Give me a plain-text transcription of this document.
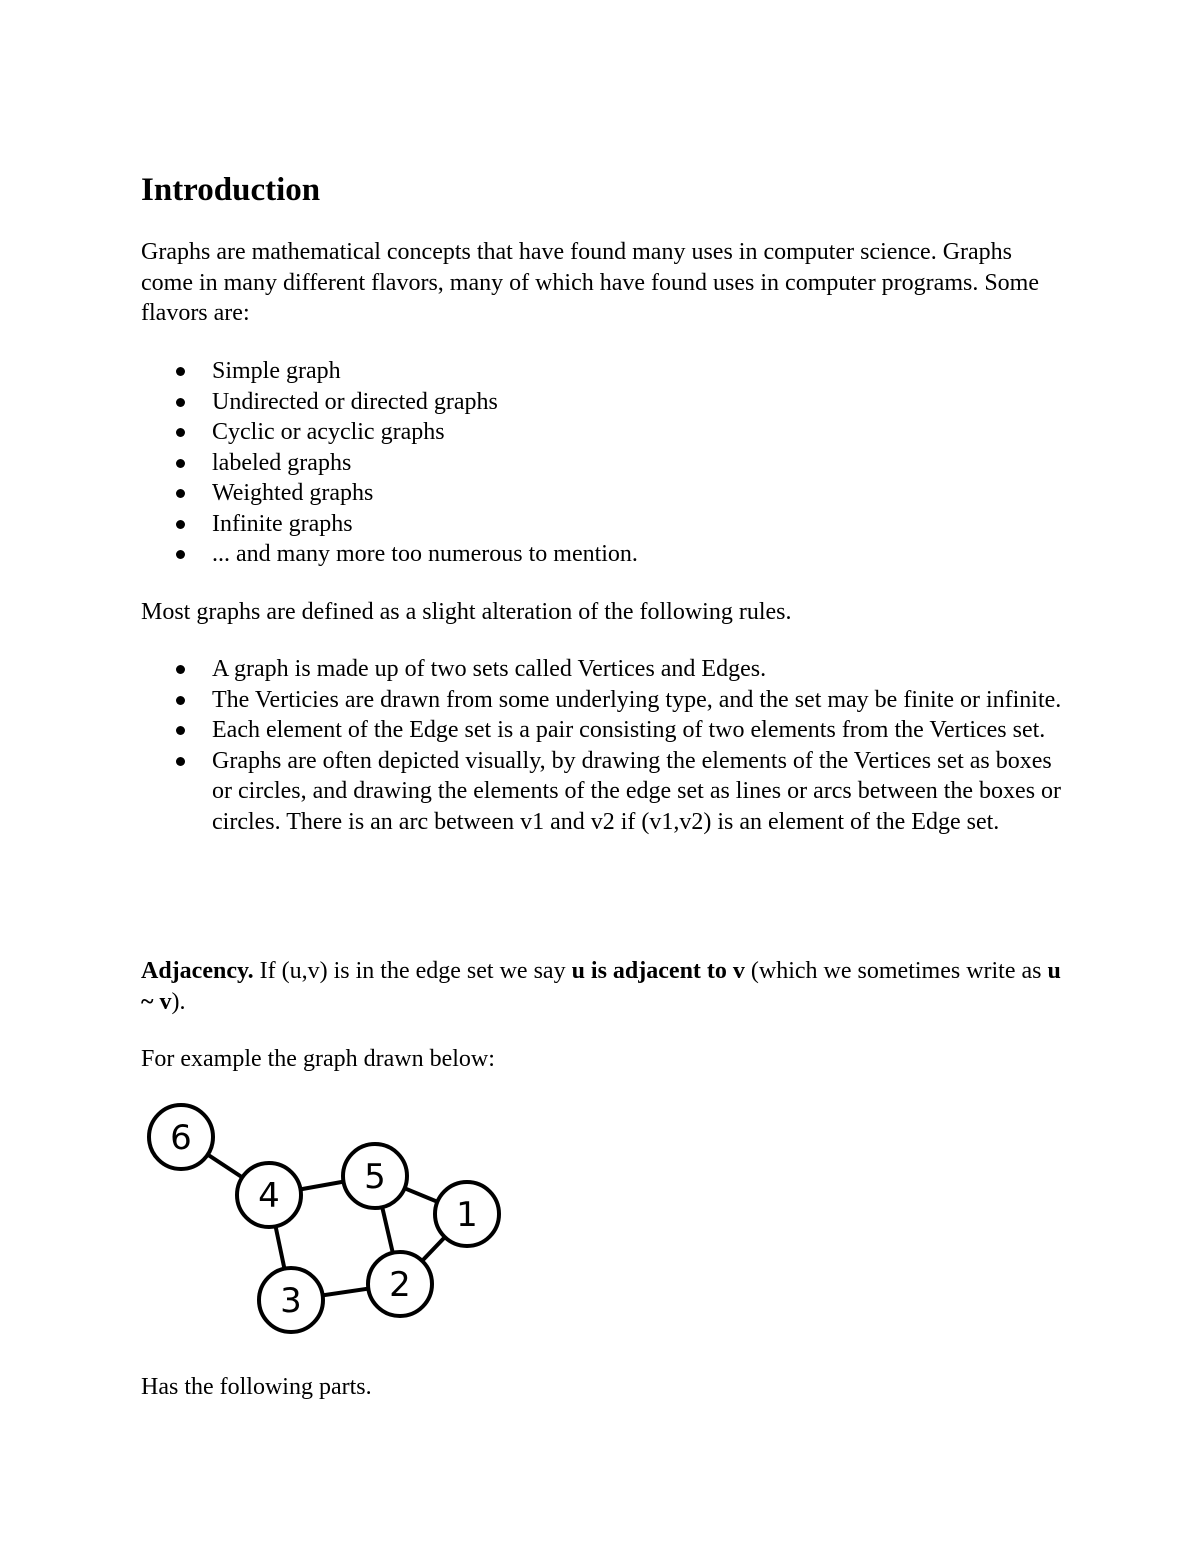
Introduction

Graphs are mathematical concepts that have found many uses in computer science. Graphs come in many different flavors, many of which have found uses in computer programs. Some flavors are:

Simple graph
Undirected or directed graphs
Cyclic or acyclic graphs
labeled graphs
Weighted graphs
Infinite graphs
... and many more too numerous to mention.

Most graphs are defined as a slight alteration of the following rules.

A graph is made up of two sets called Vertices and Edges.
The Verticies are drawn from some underlying type, and the set may be finite or infinite.
Each element of the Edge set is a pair consisting of two elements from the Vertices set.
Graphs are often depicted visually, by drawing the elements of the Vertices set as boxes or circles, and drawing the elements of the edge set as lines or arcs between the boxes or circles. There is an arc between v1 and v2 if (v1,v2) is an element of the Edge set.

Adjacency. If (u,v) is in the edge set we say u is adjacent to v (which we sometimes write as u ~ v).

For example the graph drawn below:

Has the following parts.

1
2
3
4 5
6
